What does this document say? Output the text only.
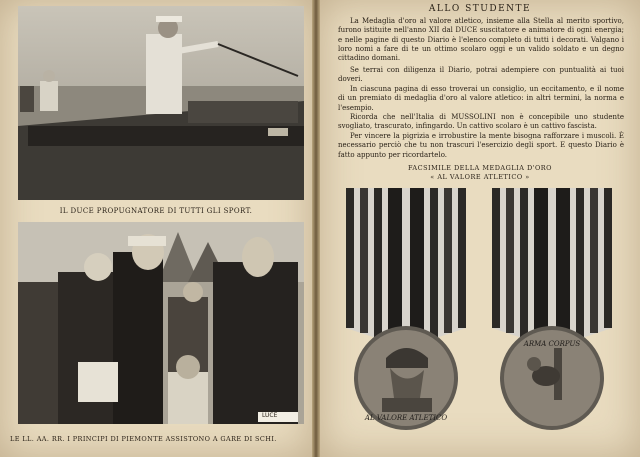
IL DUCE PROPUGNATORE DI TUTTI GLI SPORT.
LUCE
LE LL. AA. RR. I PRINCIPI DI PIEMONTE ASSISTONO A GARE DI SCHI.
ALLO STUDENTE
La Medaglia d'oro al valore atletico, insieme alla Stella al merito sportivo, furono istituite nell'anno XII dal DUCE suscitatore e animatore di ogni energia; e nelle pagine di questo Diario è l'elenco completo di tutti i decorati. Valgano i loro nomi a fare di te un ottimo scolaro oggi e un valido soldato e un degno cittadino domani.
Se terrai con diligenza il Diario, potrai adempiere con puntualità ai tuoi doveri.
In ciascuna pagina di esso troverai un consiglio, un eccitamento, e il nome di un premiato di medaglia d'oro al valore atletico: in altri termini, la norma e l'esempio.
Ricorda che nell'Italia di MUSSOLINI non è concepibile uno studente svogliato, trascurato, infingardo. Un cattivo scolaro è un cattivo fascista.
Per vincere la pigrizia e irrobustire la mente bisogna rafforzare i muscoli. È necessario perciò che tu non trascuri l'esercizio degli sport. E questo Diario è fatto appunto per ricordartelo.
FACSIMILE DELLA MEDAGLIA D'ORO
« AL VALORE ATLETICO »
AL VALORE ATLETICO
ARMA CORPUS
